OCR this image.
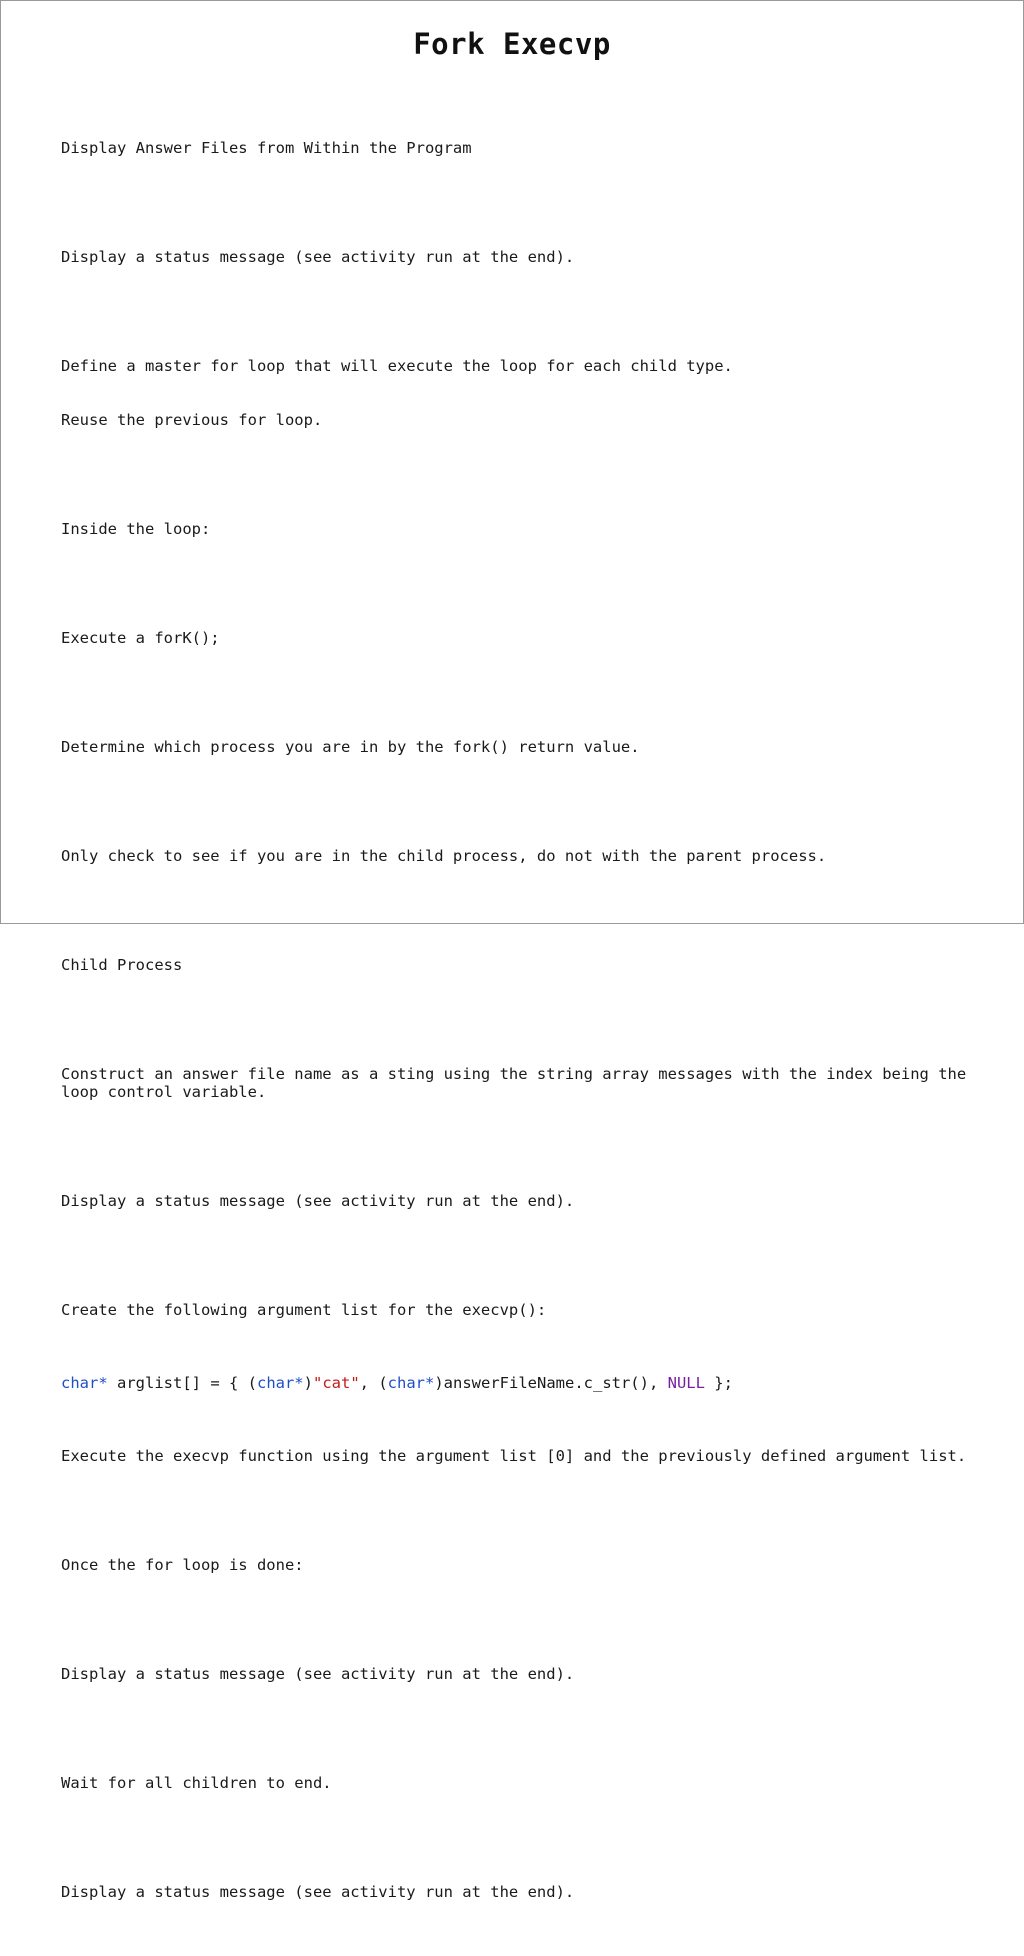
Fork Execvp

Display Answer Files from Within the Program

Display a status message (see activity run at the end).

Define a master for loop that will execute the loop for each child type.

Reuse the previous for loop.

Inside the loop:

Execute a forK();

Determine which process you are in by the fork() return value.

Only check to see if you are in the child process, do not with the parent process.

Child Process

Construct an answer file name as a sting using the string array messages with the index being the loop control variable.

Display a status message (see activity run at the end).

Create the following argument list for the execvp():

char* arglist[] = { (char*)"cat", (char*)answerFileName.c_str(), NULL };

Execute the execvp function using the argument list [0] and the previously defined argument list.

Once the for loop is done:

Display a status message (see activity run at the end).

Wait for all children to end.

Display a status message (see activity run at the end).
